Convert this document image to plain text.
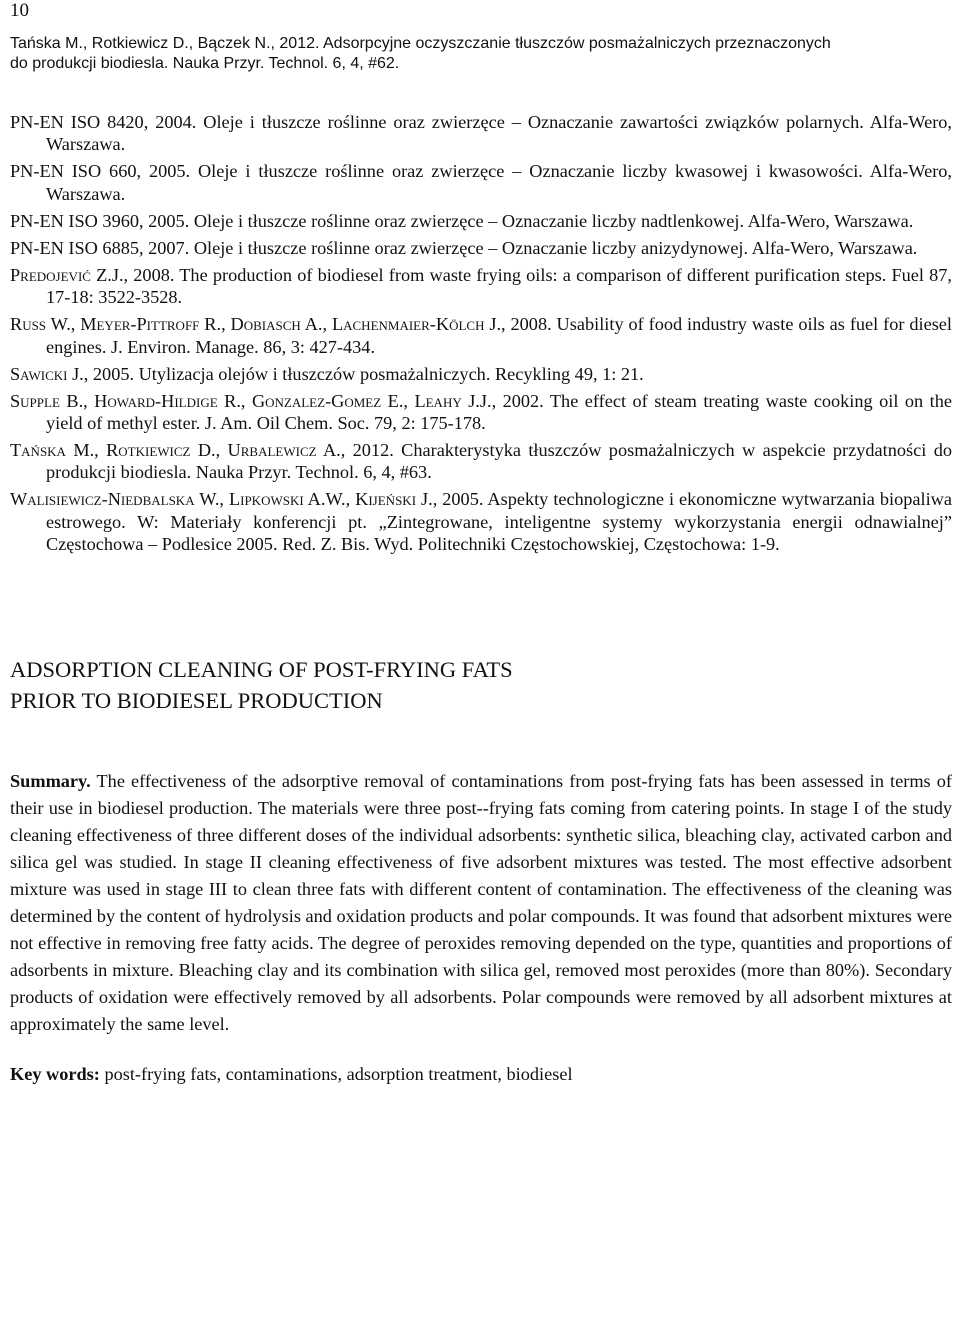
10
Tańska M., Rotkiewicz D., Bączek N., 2012. Adsorpcyjne oczyszczanie tłuszczów posmażalniczych przeznaczonych
do produkcji biodiesla. Nauka Przyr. Technol. 6, 4, #62.

PN-EN ISO 8420, 2004. Oleje i tłuszcze roślinne oraz zwierzęce – Oznaczanie zawartości związków polarnych. Alfa-Wero, Warszawa.

PN-EN ISO 660, 2005. Oleje i tłuszcze roślinne oraz zwierzęce – Oznaczanie liczby kwasowej i kwasowości. Alfa-Wero, Warszawa.

PN-EN ISO 3960, 2005. Oleje i tłuszcze roślinne oraz zwierzęce – Oznaczanie liczby nadtlenkowej. Alfa-Wero, Warszawa.

PN-EN ISO 6885, 2007. Oleje i tłuszcze roślinne oraz zwierzęce – Oznaczanie liczby anizydynowej. Alfa-Wero, Warszawa.

Predojević Z.J., 2008. The production of biodiesel from waste frying oils: a comparison of different purification steps. Fuel 87, 17-18: 3522-3528.

Russ W., Meyer-Pittroff R., Dobiasch A., Lachenmaier-Kölch J., 2008. Usability of food industry waste oils as fuel for diesel engines. J. Environ. Manage. 86, 3: 427-434.

Sawicki J., 2005. Utylizacja olejów i tłuszczów posmażalniczych. Recykling 49, 1: 21.

Supple B., Howard-Hildige R., Gonzalez-Gomez E., Leahy J.J., 2002. The effect of steam treating waste cooking oil on the yield of methyl ester. J. Am. Oil Chem. Soc. 79, 2: 175-178.

Tańska M., Rotkiewicz D., Urbalewicz A., 2012. Charakterystyka tłuszczów posmażalniczych w aspekcie przydatności do produkcji biodiesla. Nauka Przyr. Technol. 6, 4, #63.

Walisiewicz-Niedbalska W., Lipkowski A.W., Kijeński J., 2005. Aspekty technologiczne i ekonomiczne wytwarzania biopaliwa estrowego. W: Materiały konferencji pt. „Zintegrowane, inteligentne systemy wykorzystania energii odnawialnej” Częstochowa – Podlesice 2005. Red. Z. Bis. Wyd. Politechniki Częstochowskiej, Częstochowa: 1-9.

ADSORPTION CLEANING OF POST-FRYING FATS
PRIOR TO BIODIESEL PRODUCTION
Summary. The effectiveness of the adsorptive removal of contaminations from post-frying fats has been assessed in terms of their use in biodiesel production. The materials were three post--frying fats coming from catering points. In stage I of the study cleaning effectiveness of three different doses of the individual adsorbents: synthetic silica, bleaching clay, activated carbon and silica gel was studied. In stage II cleaning effectiveness of five adsorbent mixtures was tested. The most effective adsorbent mixture was used in stage III to clean three fats with different content of contamination. The effectiveness of the cleaning was determined by the content of hydrolysis and oxidation products and polar compounds. It was found that adsorbent mixtures were not effective in removing free fatty acids. The degree of peroxides removing depended on the type, quantities and proportions of adsorbents in mixture. Bleaching clay and its combination with silica gel, removed most peroxides (more than 80%). Secondary products of oxidation were effectively removed by all adsorbents. Polar compounds were removed by all adsorbent mixtures at approximately the same level.
Key words: post-frying fats, contaminations, adsorption treatment, biodiesel
